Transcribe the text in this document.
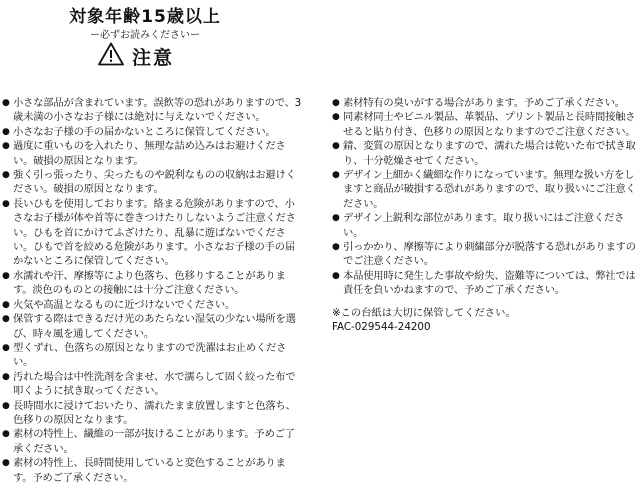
対象年齢15歳以上
ー必ずお読みくださいー
注意
● 小さな部品が含まれています。誤飲等の恐れがありますので、3歳未満の小さなお子様には絶対に与えないでください。
● 小さなお子様の手の届かないところに保管してください。
● 過度に重いものを入れたり、無理な詰め込みはお避けください。破損の原因となります。
● 強く引っ張ったり、尖ったものや鋭利なものの収納はお避けください。破損の原因となります。
● 長いひもを使用しております。絡まる危険がありますので、小さなお子様が体や首等に巻きつけたりしないようご注意ください。ひもを首にかけてふざけたり、乱暴に遊ばないでください。ひもで首を絞める危険があります。小さなお子様の手の届かないところに保管してください。
● 水濡れや汗、摩擦等により色落ち、色移りすることがあります。淡色のものとの接触には十分ご注意ください。
● 火気や高温となるものに近づけないでください。
● 保管する際はできるだけ光のあたらない湿気の少ない場所を選び、時々風を通してください。
● 型くずれ、色落ちの原因となりますので洗濯はお止めください。
● 汚れた場合は中性洗剤を含ませ、水で濡らして固く絞った布で叩くように拭き取ってください。
● 長時間水に浸けておいたり、濡れたまま放置しますと色落ち、色移りの原因となります。
● 素材の特性上、繊維の一部が抜けることがあります。予めご了承ください。
● 素材の特性上、長時間使用していると変色することがあります。予めご了承ください。
● 素材特有の臭いがする場合があります。予めご了承ください。
● 同素材同士やビニル製品、革製品、プリント製品と長時間接触させると貼り付き、色移りの原因となりますのでご注意ください。
● 錆、変質の原因となりますので、濡れた場合は乾いた布で拭き取り、十分乾燥させてください。
● デザイン上細かく繊細な作りになっています。無理な扱い方をしますと商品が破損する恐れがありますので、取り扱いにご注意ください。
● デザイン上鋭利な部位があります。取り扱いにはご注意ください。
● 引っかかり、摩擦等により刺繍部分が脱落する恐れがありますのでご注意ください。
● 本品使用時に発生した事故や紛失、盗難等については、弊社では責任を負いかねますので、予めご了承ください。
※この台紙は大切に保管してください。
FAC-029544-24200
